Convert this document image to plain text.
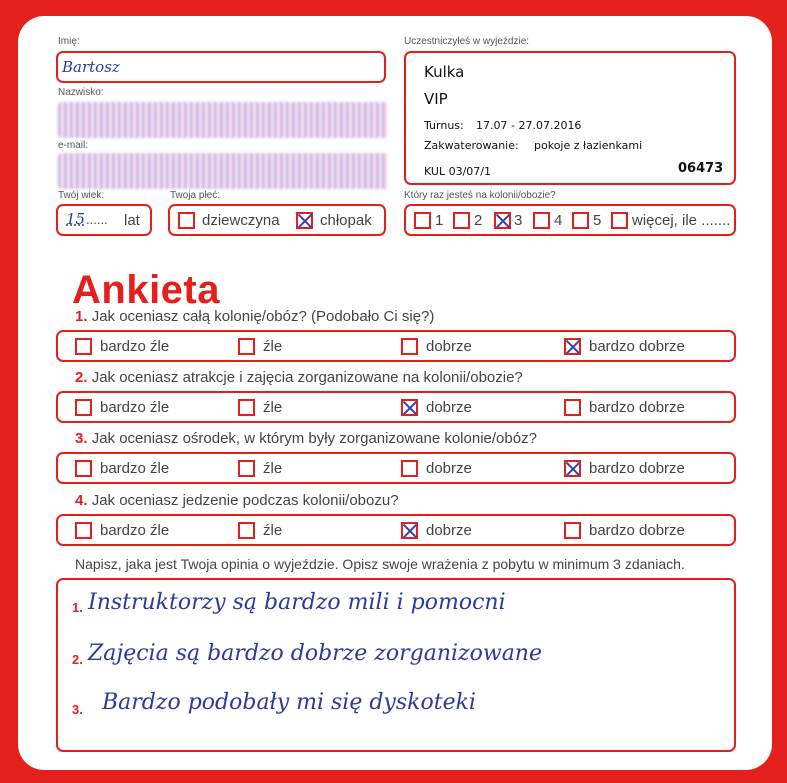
Imię:
Bartosz
Nazwisko:
e-mail:
Uczestniczyłeś w wyjeździe:
Kulka
VIP
Turnus: 17.07 - 27.07.2016
Zakwaterowanie: pokoje z łazienkami
KUL 03/07/1	06473
Twój wiek:
15 ...... lat
Twoja płeć:
dziewczyna	chłopak
Który raz jesteś na kolonii/obozie?
1 2 3 4 5 więcej, ile .......
Ankieta
1. Jak oceniasz całą kolonię/obóz? (Podobało Ci się?)
bardzo źle	źle	dobrze	bardzo dobrze
2. Jak oceniasz atrakcje i zajęcia zorganizowane na kolonii/obozie?
bardzo źle	źle	dobrze	bardzo dobrze
3. Jak oceniasz ośrodek, w którym były zorganizowane kolonie/obóz?
bardzo źle	źle	dobrze	bardzo dobrze
4. Jak oceniasz jedzenie podczas kolonii/obozu?
bardzo źle	źle	dobrze	bardzo dobrze
Napisz, jaka jest Twoja opinia o wyjeździe. Opisz swoje wrażenia z pobytu w minimum 3 zdaniach.
1. Instruktorzy są bardzo mili i pomocni
2. Zajęcia są bardzo dobrze zorganizowane
3. Bardzo podobały mi się dyskoteki
